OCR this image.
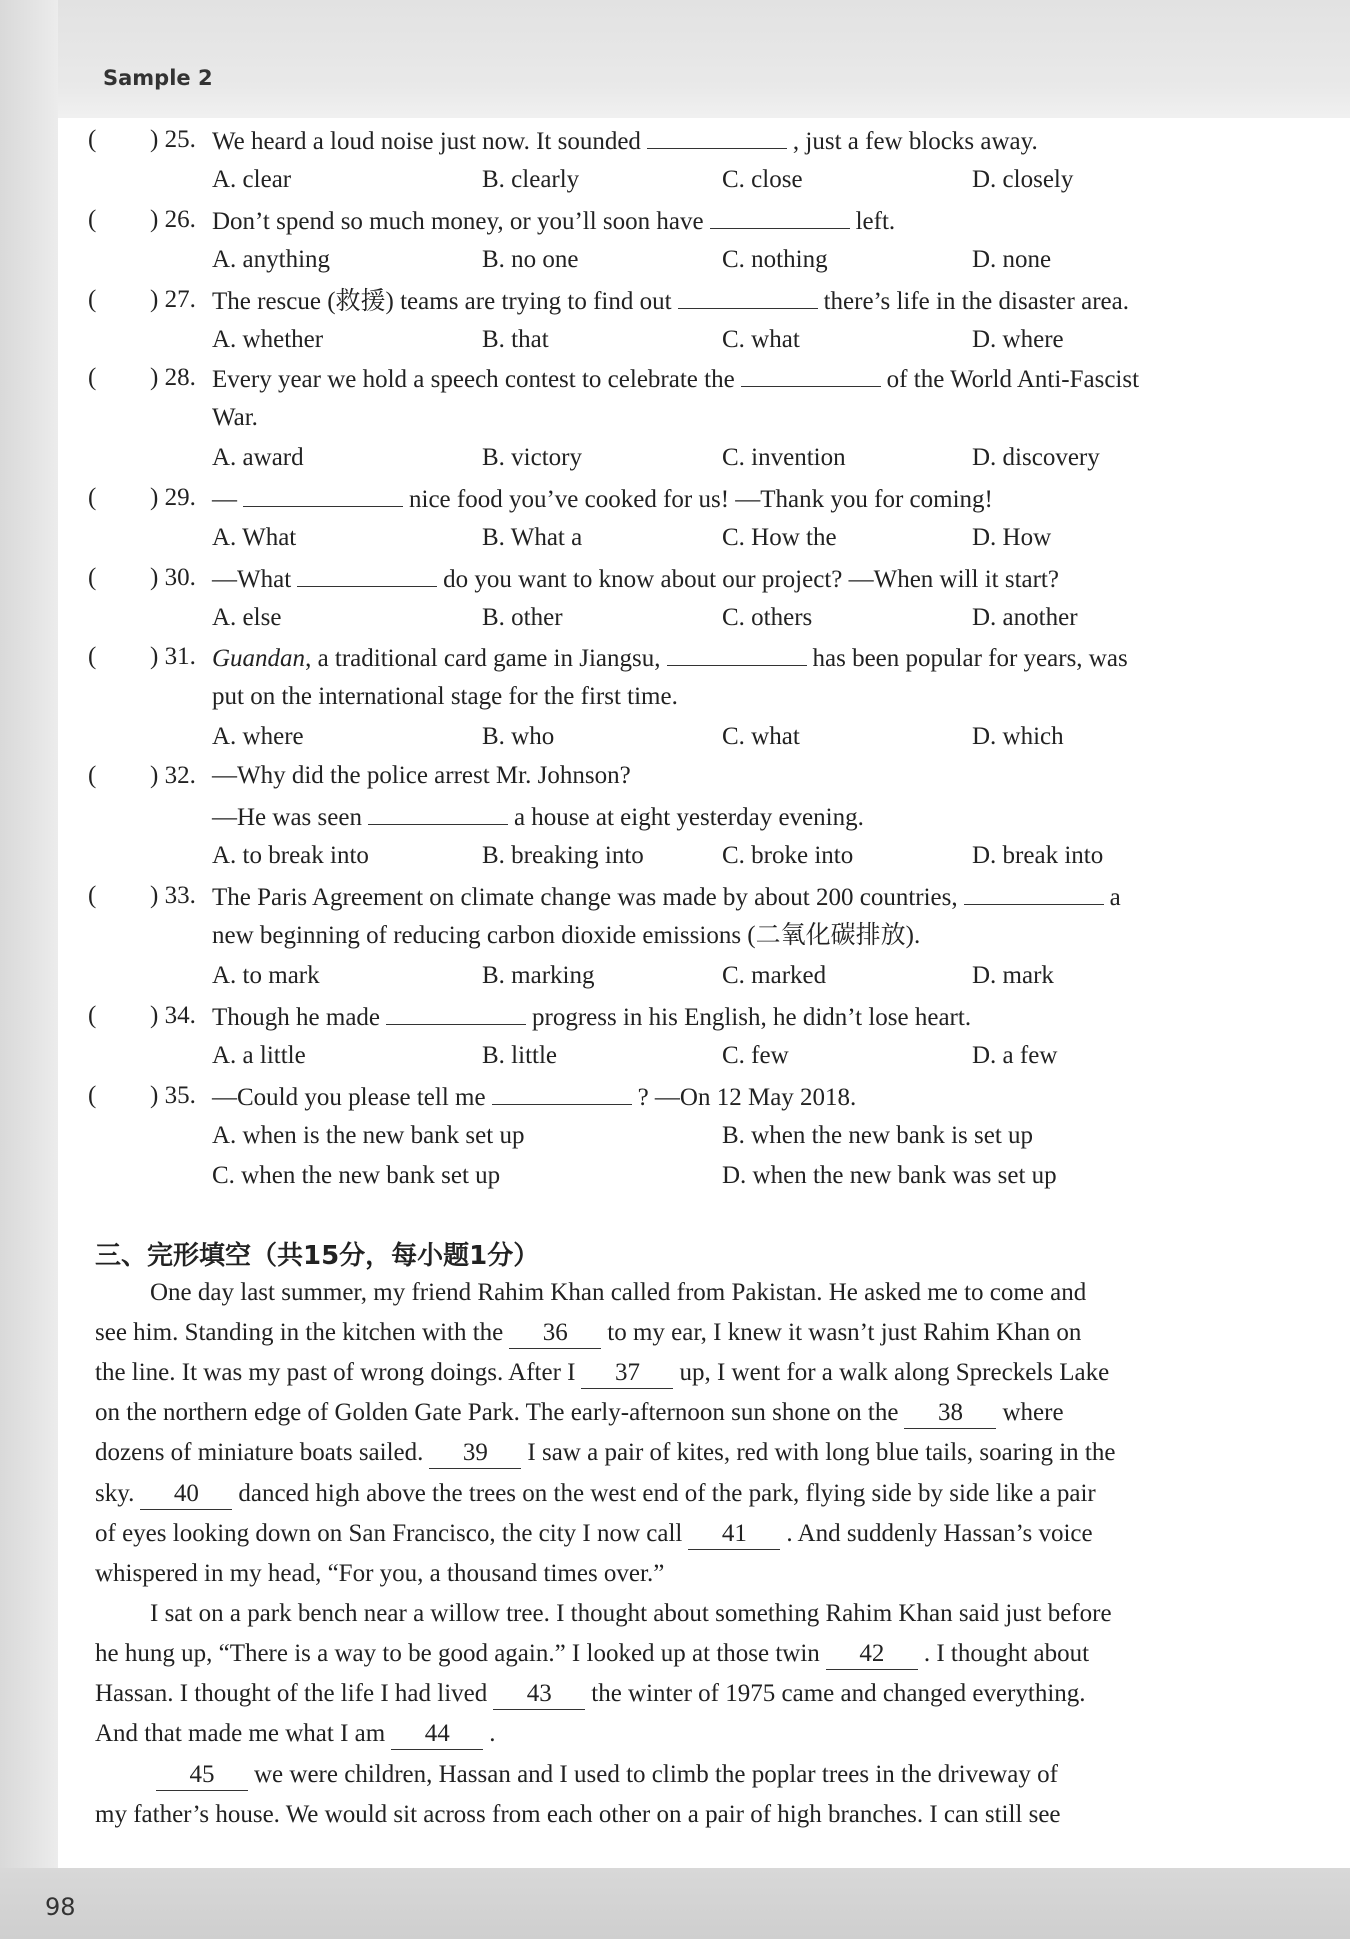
Sample 2
( ) 25. We heard a loud noise just now. It sounded	, just a few blocks away.
A. clear	B. clearly	C. close	D. closely
( ) 26. Don’t spend so much money, or you’ll soon have	left.
A. anything	B. no one	C. nothing	D. none
( ) 27. The rescue (救援) teams are trying to find out	there’s life in the disaster area.
A. whether	B. that	C. what	D. where
( ) 28. Every year we hold a speech contest to celebrate the	of the World Anti-Fascist
War.
A. award	B. victory	C. invention	D. discovery
( ) 29. —	nice food you’ve cooked for us! —Thank you for coming!
A. What	B. What a	C. How the	D. How
( ) 30. —What	do you want to know about our project? —When will it start?
A. else	B. other	C. others	D. another
( ) 31. Guandan, a traditional card game in Jiangsu,	has been popular for years, was
put on the international stage for the first time.
A. where	B. who	C. what	D. which
( ) 32. —Why did the police arrest Mr. Johnson?
—He was seen	a house at eight yesterday evening.
A. to break into	B. breaking into	C. broke into	D. break into
( ) 33. The Paris Agreement on climate change was made by about 200 countries,	a
new beginning of reducing carbon dioxide emissions (二氧化碳排放).
A. to mark	B. marking	C. marked	D. mark
( ) 34. Though he made	progress in his English, he didn’t lose heart.
A. a little	B. little	C. few	D. a few
( ) 35. —Could you please tell me	? —On 12 May 2018.
A. when is the new bank set up	B. when the new bank is set up
C. when the new bank set up	D. when the new bank was set up
三、完形填空（共15分，每小题1分）
One day last summer, my friend Rahim Khan called from Pakistan. He asked me to come and
see him. Standing in the kitchen with the 36 to my ear, I knew it wasn’t just Rahim Khan on
the line. It was my past of wrong doings. After I 37 up, I went for a walk along Spreckels Lake
on the northern edge of Golden Gate Park. The early-afternoon sun shone on the 38 where
dozens of miniature boats sailed. 39 I saw a pair of kites, red with long blue tails, soaring in the
sky. 40 danced high above the trees on the west end of the park, flying side by side like a pair
of eyes looking down on San Francisco, the city I now call 41 . And suddenly Hassan’s voice
whispered in my head, “For you, a thousand times over.”
I sat on a park bench near a willow tree. I thought about something Rahim Khan said just before
he hung up, “There is a way to be good again.” I looked up at those twin 42 . I thought about
Hassan. I thought of the life I had lived 43 the winter of 1975 came and changed everything.
And that made me what I am 44 .
45 we were children, Hassan and I used to climb the poplar trees in the driveway of
my father’s house. We would sit across from each other on a pair of high branches. I can still see
98
